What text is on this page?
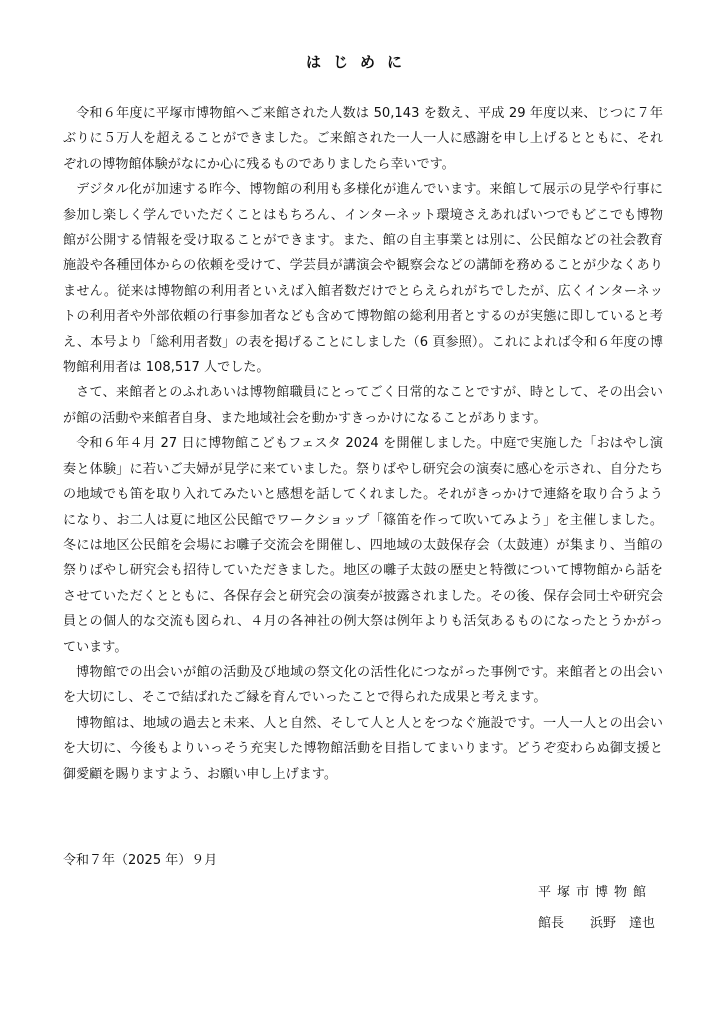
はじめに

令和６年度に平塚市博物館へご来館された人数は 50,143 を数え、平成 29 年度以来、じつに７年ぶりに５万人を超えることができました。ご来館された一人一人に感謝を申し上げるとともに、それぞれの博物館体験がなにか心に残るものでありましたら幸いです。

デジタル化が加速する昨今、博物館の利用も多様化が進んでいます。来館して展示の見学や行事に参加し楽しく学んでいただくことはもちろん、インターネット環境さえあればいつでもどこでも博物館が公開する情報を受け取ることができます。また、館の自主事業とは別に、公民館などの社会教育施設や各種団体からの依頼を受けて、学芸員が講演会や観察会などの講師を務めることが少なくありません。従来は博物館の利用者といえば入館者数だけでとらえられがちでしたが、広くインターネットの利用者や外部依頼の行事参加者なども含めて博物館の総利用者とするのが実態に即していると考え、本号より「総利用者数」の表を掲げることにしました（6 頁参照）。これによれば令和６年度の博物館利用者は 108,517 人でした。

さて、来館者とのふれあいは博物館職員にとってごく日常的なことですが、時として、その出会いが館の活動や来館者自身、また地域社会を動かすきっかけになることがあります。

令和６年４月 27 日に博物館こどもフェスタ 2024 を開催しました。中庭で実施した「おはやし演奏と体験」に若いご夫婦が見学に来ていました。祭りばやし研究会の演奏に感心を示され、自分たちの地域でも笛を取り入れてみたいと感想を話してくれました。それがきっかけで連絡を取り合うようになり、お二人は夏に地区公民館でワークショップ「篠笛を作って吹いてみよう」を主催しました。冬には地区公民館を会場にお囃子交流会を開催し、四地域の太鼓保存会（太鼓連）が集まり、当館の祭りばやし研究会も招待していただきました。地区の囃子太鼓の歴史と特徴について博物館から話をさせていただくとともに、各保存会と研究会の演奏が披露されました。その後、保存会同士や研究会員との個人的な交流も図られ、４月の各神社の例大祭は例年よりも活気あるものになったとうかがっています。

博物館での出会いが館の活動及び地域の祭文化の活性化につながった事例です。来館者との出会いを大切にし、そこで結ばれたご縁を育んでいったことで得られた成果と考えます。

博物館は、地域の過去と未来、人と自然、そして人と人とをつなぐ施設です。一人一人との出会いを大切に、今後もよりいっそう充実した博物館活動を目指してまいります。どうぞ変わらぬ御支援と御愛顧を賜りますよう、お願い申し上げます。

令和７年（2025 年）９月
平塚市博物館
館長　　浜野　達也
